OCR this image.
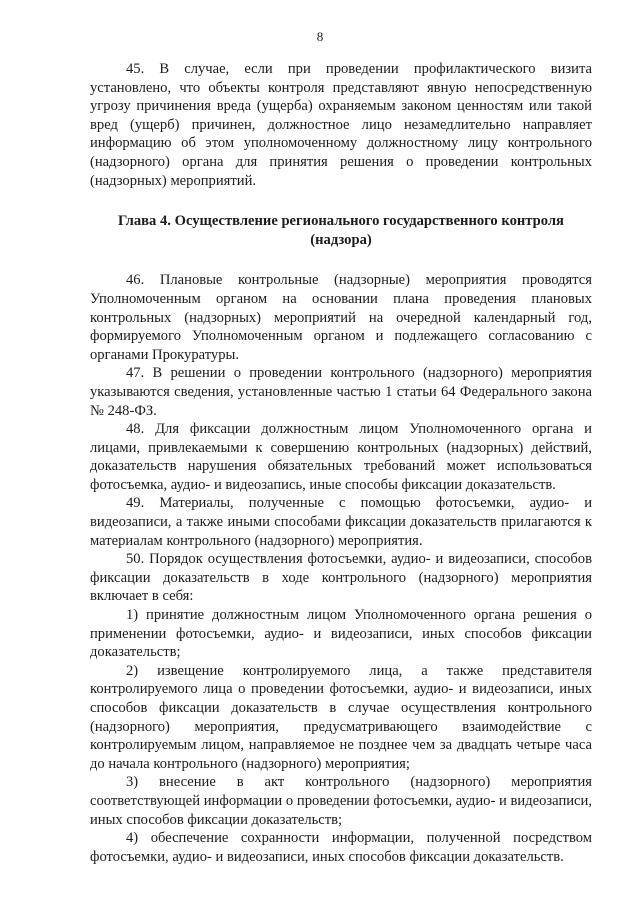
8

45. В случае, если при проведении профилактического визита установлено, что объекты контроля представляют явную непосредственную угрозу причинения вреда (ущерба) охраняемым законом ценностям или такой вред (ущерб) причинен, должностное лицо незамедлительно направляет информацию об этом уполномоченному должностному лицу контрольного (надзорного) органа для принятия решения о проведении контрольных (надзорных) мероприятий.

Глава 4. Осуществление регионального государственного контроля (надзора)

46. Плановые контрольные (надзорные) мероприятия проводятся Уполномоченным органом на основании плана проведения плановых контрольных (надзорных) мероприятий на очередной календарный год, формируемого Уполномоченным органом и подлежащего согласованию с органами Прокуратуры.

47. В решении о проведении контрольного (надзорного) мероприятия указываются сведения, установленные частью 1 статьи 64 Федерального закона № 248-ФЗ.

48. Для фиксации должностным лицом Уполномоченного органа и лицами, привлекаемыми к совершению контрольных (надзорных) действий, доказательств нарушения обязательных требований может использоваться фотосъемка, аудио- и видеозапись, иные способы фиксации доказательств.

49. Материалы, полученные с помощью фотосъемки, аудио- и видеозаписи, а также иными способами фиксации доказательств прилагаются к материалам контрольного (надзорного) мероприятия.

50. Порядок осуществления фотосъемки, аудио- и видеозаписи, способов фиксации доказательств в ходе контрольного (надзорного) мероприятия включает в себя:

1) принятие должностным лицом Уполномоченного органа решения о применении фотосъемки, аудио- и видеозаписи, иных способов фиксации доказательств;

2) извещение контролируемого лица, а также представителя контролируемого лица о проведении фотосъемки, аудио- и видеозаписи, иных способов фиксации доказательств в случае осуществления контрольного (надзорного) мероприятия, предусматривающего взаимодействие с контролируемым лицом, направляемое не позднее чем за двадцать четыре часа до начала контрольного (надзорного) мероприятия;

3) внесение в акт контрольного (надзорного) мероприятия соответствующей информации о проведении фотосъемки, аудио- и видеозаписи, иных способов фиксации доказательств;

4) обеспечение сохранности информации, полученной посредством фотосъемки, аудио- и видеозаписи, иных способов фиксации доказательств.
